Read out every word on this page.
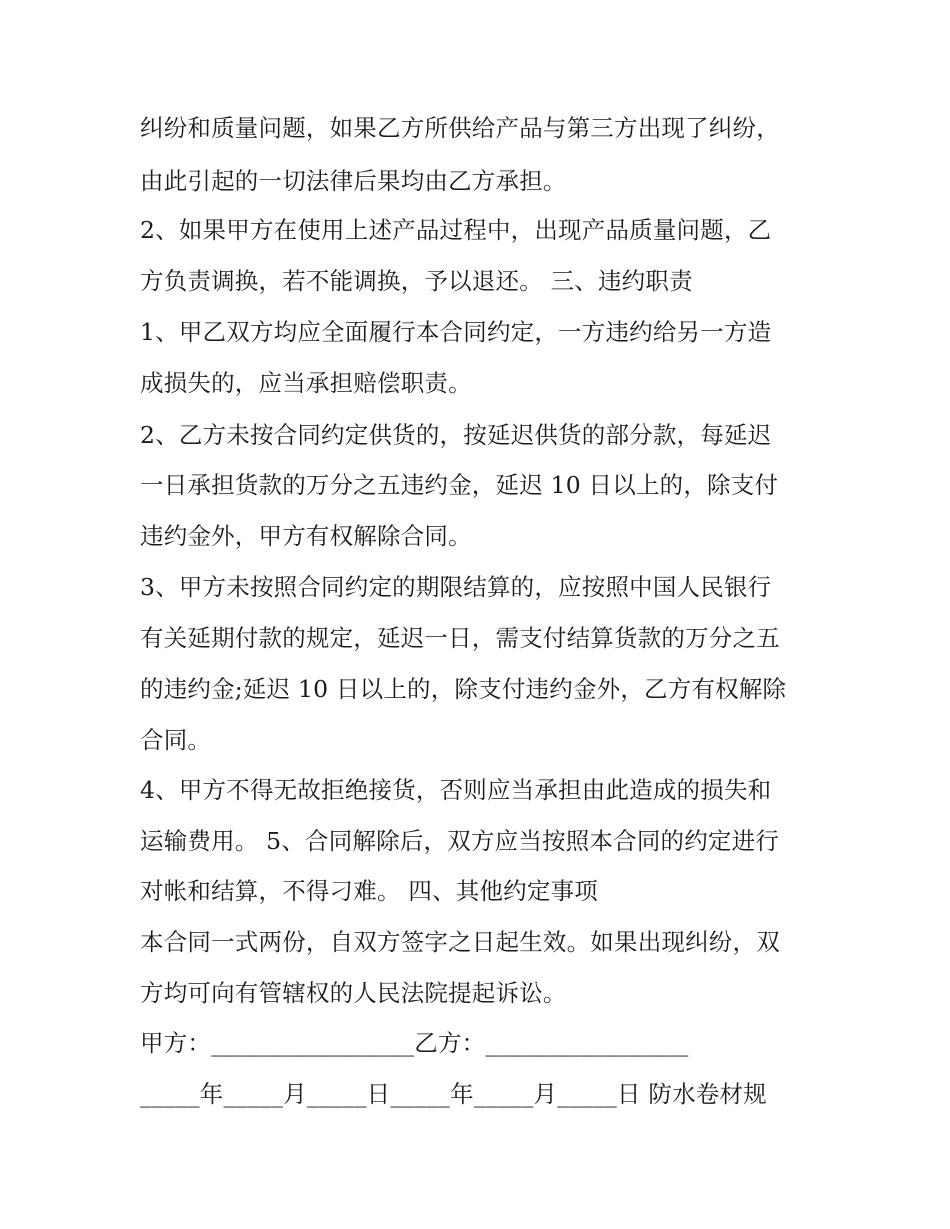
纠纷和质量问题，如果乙方所供给产品与第三方出现了纠纷，

由此引起的一切法律后果均由乙方承担。

2、如果甲方在使用上述产品过程中，出现产品质量问题，乙

方负责调换，若不能调换，予以退还。 三、违约职责

1、甲乙双方均应全面履行本合同约定，一方违约给另一方造

成损失的，应当承担赔偿职责。

2、乙方未按合同约定供货的，按延迟供货的部分款，每延迟

一日承担货款的万分之五违约金，延迟 10 日以上的，除支付

违约金外，甲方有权解除合同。

3、甲方未按照合同约定的期限结算的，应按照中国人民银行

有关延期付款的规定，延迟一日，需支付结算货款的万分之五

的违约金;延迟 10 日以上的，除支付违约金外，乙方有权解除

合同。

4、甲方不得无故拒绝接货，否则应当承担由此造成的损失和

运输费用。 5、合同解除后，双方应当按照本合同的约定进行

对帐和结算，不得刁难。 四、其他约定事项

本合同一式两份，自双方签字之日起生效。如果出现纠纷，双

方均可向有管辖权的人民法院提起诉讼。

甲方：_________________乙方：_________________

_____年_____月_____日_____年_____月_____日 防水卷材规
